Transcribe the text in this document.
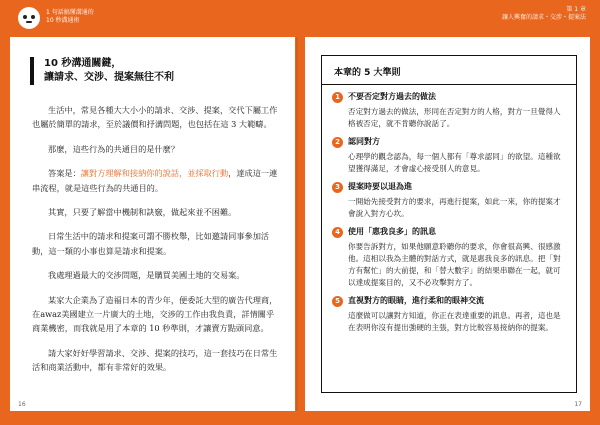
1 句話搞懂溝通的
10 秒溝通術
第 1 章
讓人興奮的請求・交涉・提案法
10 秒溝通關鍵，
讓請求、交涉、提案無往不利

生活中，常見各種大大小小的請求、交涉、提案，交代下屬工作也屬於簡單的請求，至於議價和抒溝問題，也包括在這 3 大範疇。

那麼，這些行為的共通目的是什麼？

答案是：讓對方理解和接納你的說話，並採取行動，達成這一連串流程，就是這些行為的共通目的。

其實，只要了解當中機制和訣竅，做起來並不困難。

日常生活中的請求和提案可謂不勝枚舉，比如邀請同事參加活動，這一類的小事也算是請求和提案。

我處理過最大的交涉問題，是購買美國土地的交易案。

某家大企業為了造福日本的青少年，便委託大型的廣告代理商，在awaz美國建立一片廣大的土地，交涉的工作由我負責，詳情關乎商業機密，而我就是用了本章的 10 秒準則，才讓賣方點頭同意。

請大家好好學習請求、交涉、提案的技巧，這一套技巧在日常生活和商業活動中，都有非常好的效果。

16
本章的 5 大準則
1	不要否定對方過去的做法
否定對方過去的做法，形同在否定對方的人格，對方一旦覺得人格被否定，就不肯聽你說話了。
2	認同對方
心理學的觀念認為，每一個人都有「尊求認同」的欲望。這種欲望獲得滿足，才會虛心接受別人的意見。
3	提案時要以退為進
一開始先接受對方的要求，再進行提案，如此一來，你的提案才會說入對方心坎。
4	使用「惠我良多」的訊息
你要告訴對方，如果他願意聆聽你的要求，你會很高興、很感激他。這相以我為主體的對話方式，就是惠我良多的訊息。把「對方有幫忙」的大前提，和「替大數字」的結果串聯在一起，就可以達成提案目的，又不必攻擊對方了。
5	直視對方的眼睛，進行柔和的眼神交流
這麼做可以讓對方知道，你正在表達重要的訊息。再者，這也是在表明你沒有提出強硬的主張，對方比較容易接納你的提案。
17
